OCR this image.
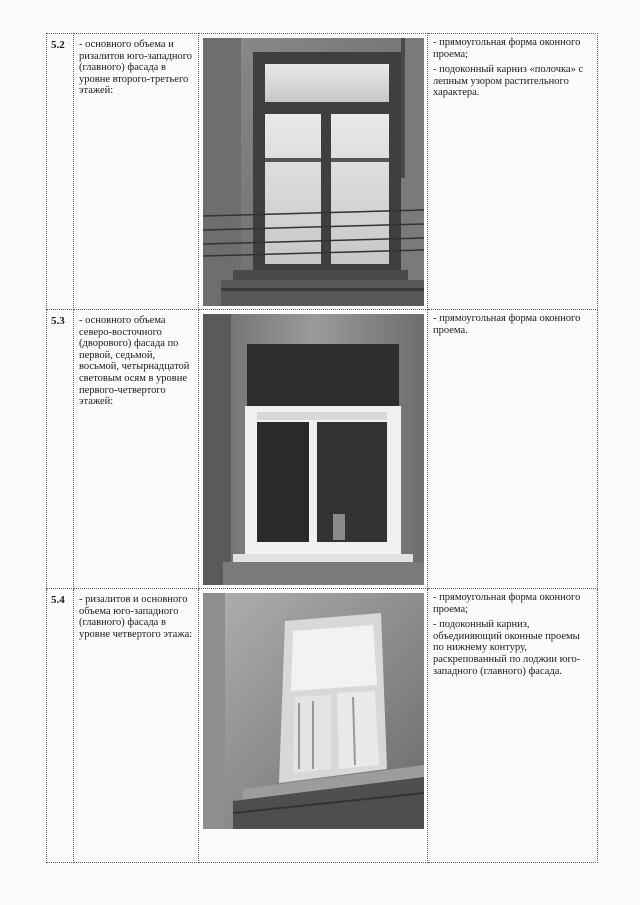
5.2	- основного объема и ризалитов юго-западного (главного) фасада в уровне второго-третьего этажей:		- прямоугольная форма оконного проема;

- подоконный карниз «полочка» с лепным узором растительного характера.

5.3	- основного объема северо-восточного (дворового) фасада по первой, седьмой, восьмой, четырнадцатой световым осям в уровне первого-четвертого этажей:		- прямоугольная форма оконного проема.

5.4	- ризалитов и основного объема юго-западного (главного) фасада в уровне четвертого этажа:		- прямоугольная форма оконного проема;

- подоконный карниз, объединяющий оконные проемы по нижнему контуру, раскрепованный по лоджии юго-западного (главного) фасада.
